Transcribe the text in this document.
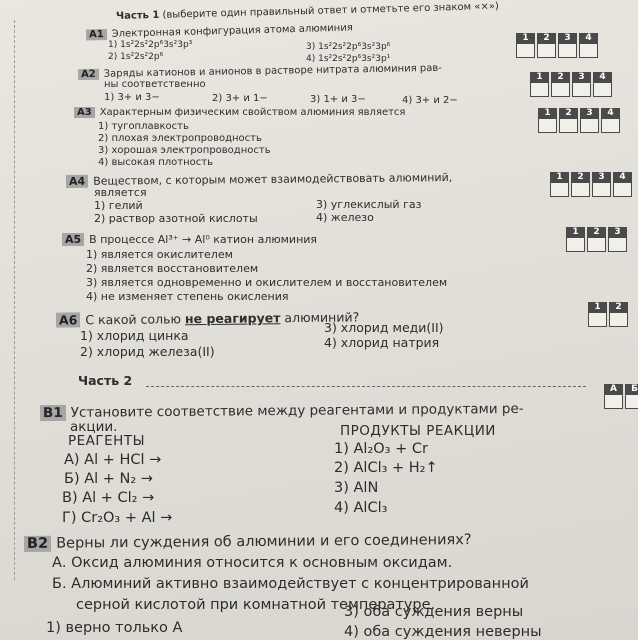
Часть 1 (выберите один правильный ответ и отметьте его знаком «×»)
А1 Электронная конфигурация атома алюминия
1) 1s²2s²2p⁶3s²3p³
2) 1s²2s²2p⁶
3) 1s²2s²2p⁶3s²3p⁶
4) 1s²2s²2p⁶3s²3p¹
1	2	3	4
А2 Заряды катионов и анионов в растворе нитрата алюминия рав-
ны соответственно
1) 3+ и 3−	2) 3+ и 1−	3) 1+ и 3−	4) 3+ и 2−
1	2	3	4
А3 Характерным физическим свойством алюминия является
1) тугоплавкость
2) плохая электропроводность
3) хорошая электропроводность
4) высокая плотность
1	2	3	4
А4 Веществом, с которым может взаимодействовать алюминий,
является
1) гелий
2) раствор азотной кислоты
3) углекислый газ
4) железо
1	2	3	4
А5 В процессе Al³⁺ → Al⁰ катион алюминия
1) является окислителем
2) является восстановителем
3) является одновременно и окислителем и восстановителем
4) не изменяет степень окисления
1	2	3
А6 С какой солью не реагирует алюминий?
1) хлорид цинка
2) хлорид железа(II)
3) хлорид меди(II)
4) хлорид натрия
1	2
Часть 2
В1 Установите соответствие между реагентами и продуктами ре-
акции.
РЕАГЕНТЫ
ПРОДУКТЫ РЕАКЦИИ
А) Al + HCl →
Б) Al + N₂ →
В) Al + Cl₂ →
Г) Cr₂O₃ + Al →
1) Al₂O₃ + Cr
2) AlCl₃ + H₂↑
3) AlN
4) AlCl₃
А	Б
В2 Верны ли суждения об алюминии и его соединениях?
А. Оксид алюминия относится к основным оксидам.
Б. Алюминий активно взаимодействует с концентрированной
серной кислотой при комнатной температуре.
1) верно только А
3) оба суждения верны
4) оба суждения неверны
